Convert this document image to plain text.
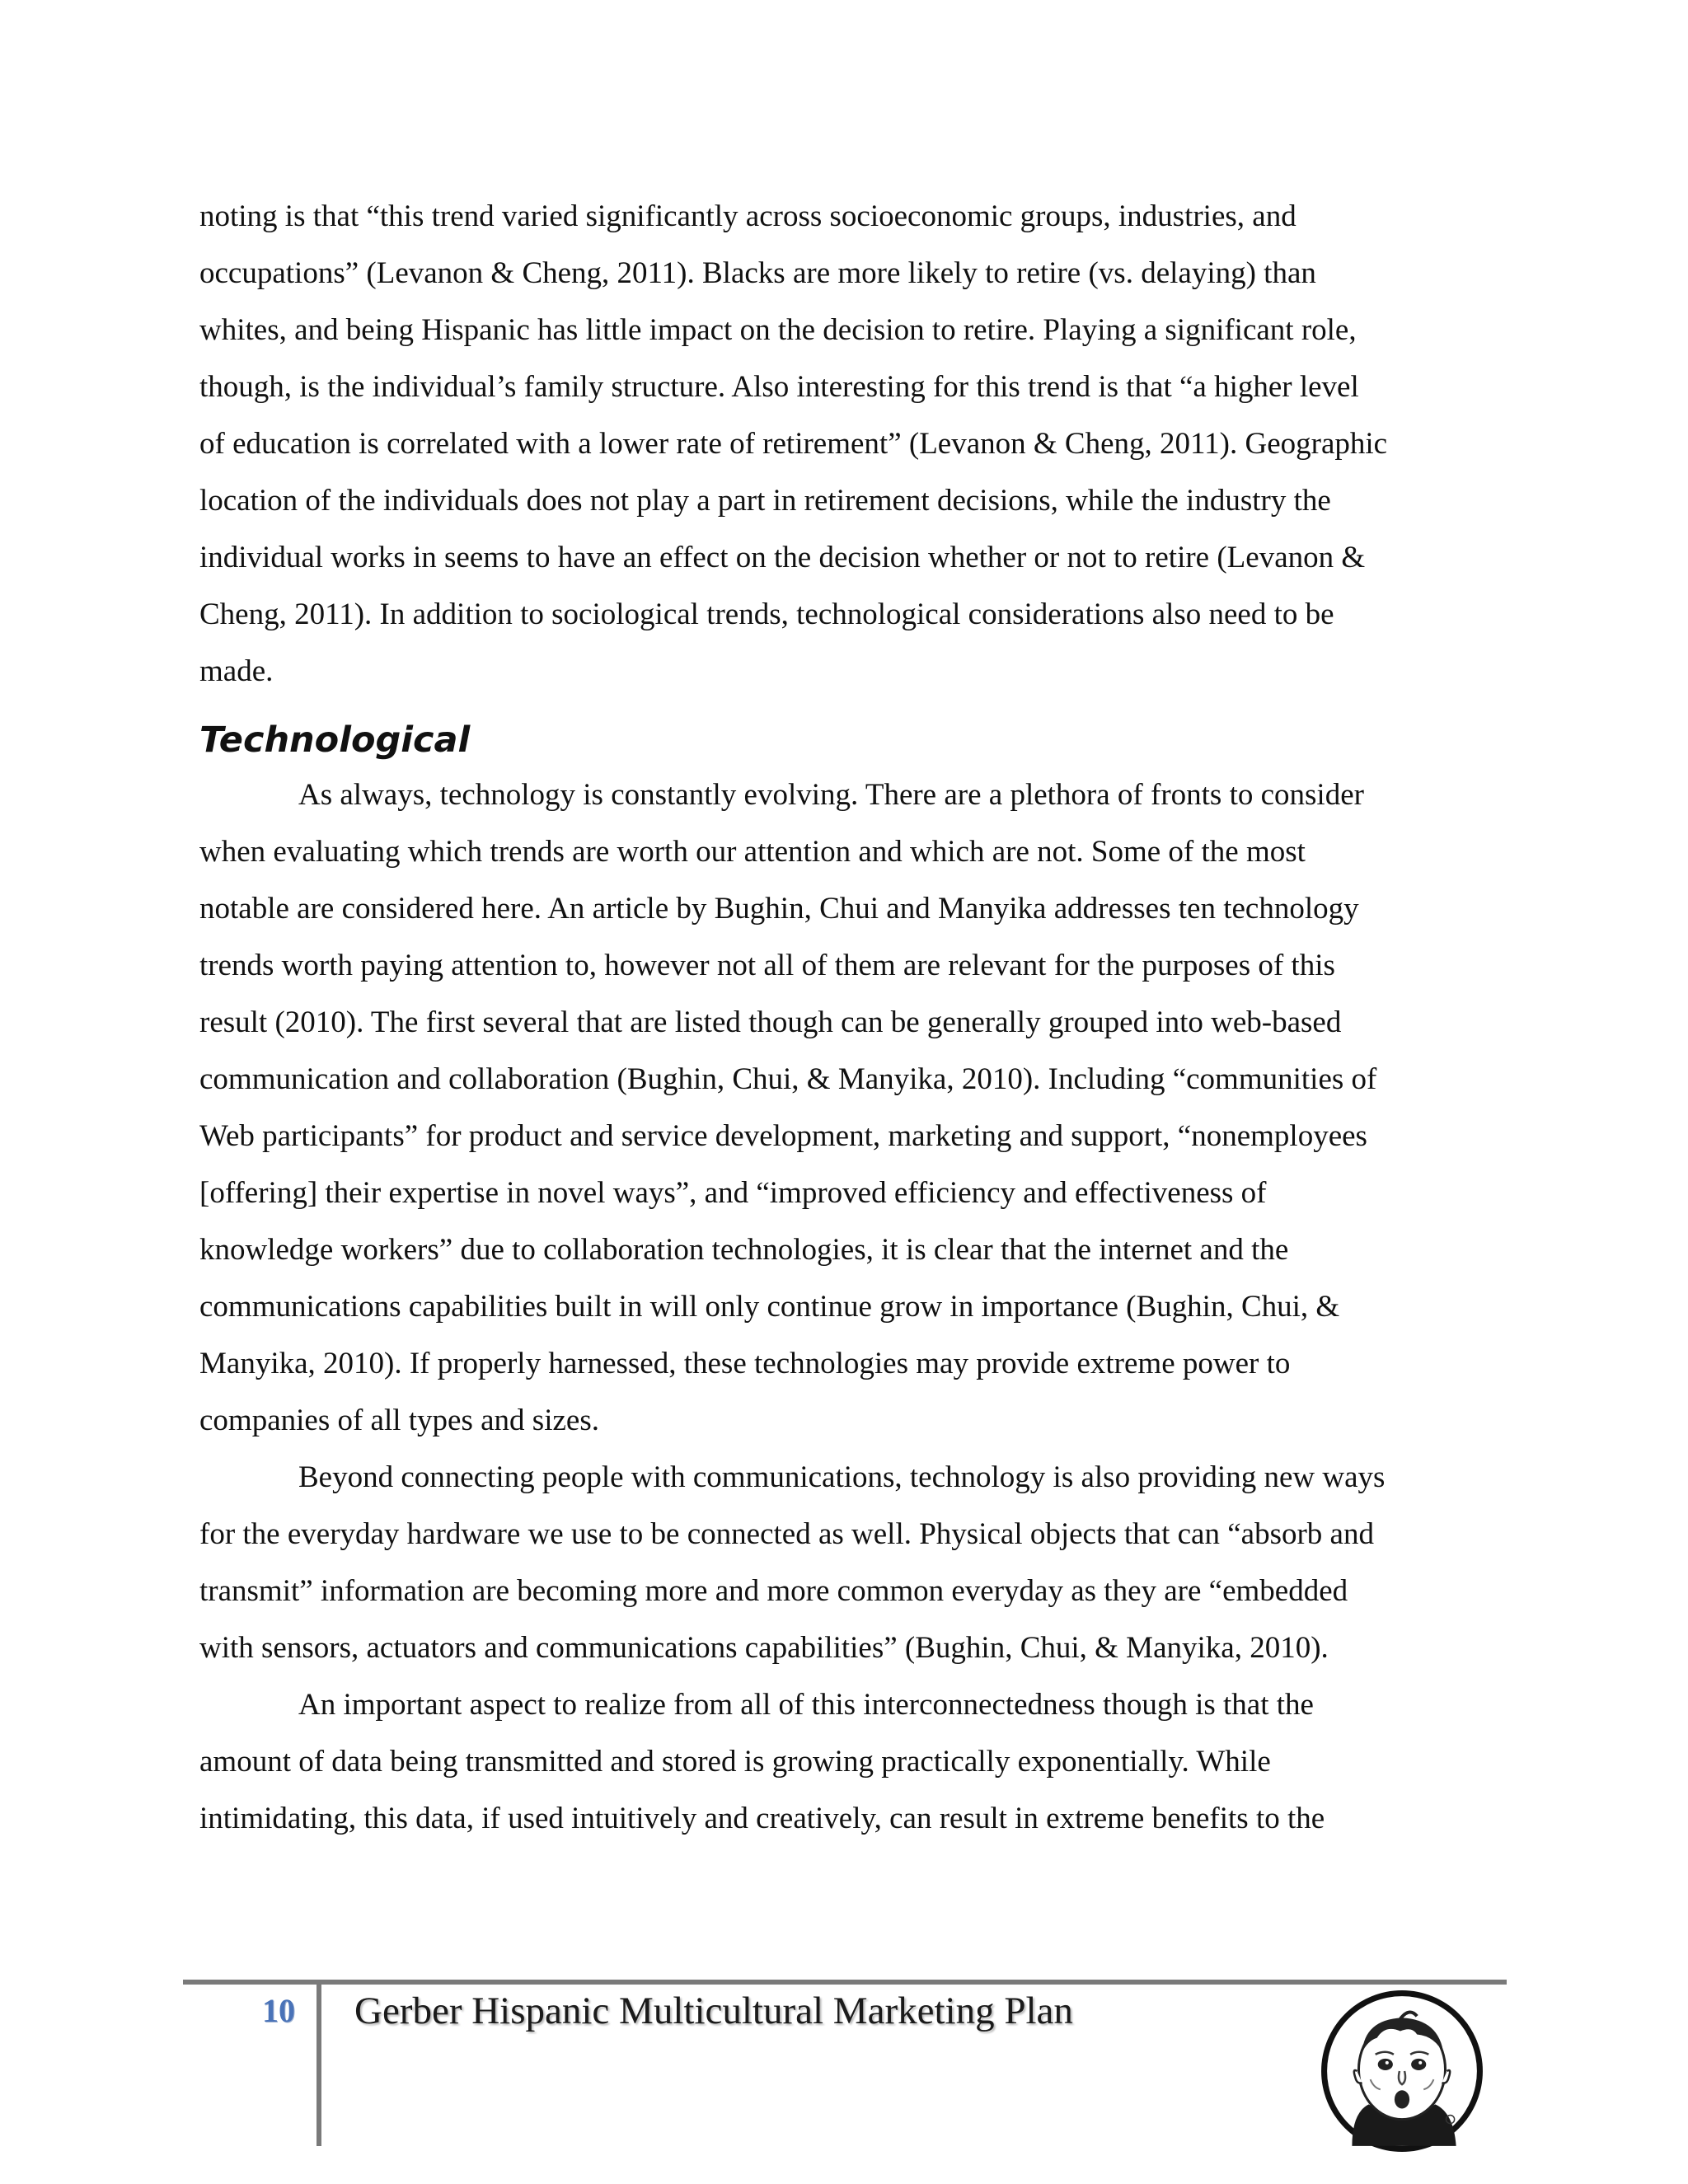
noting is that “this trend varied significantly across socioeconomic groups, industries, and
occupations” (Levanon & Cheng, 2011). Blacks are more likely to retire (vs. delaying) than
whites, and being Hispanic has little impact on the decision to retire. Playing a significant role,
though, is the individual’s family structure. Also interesting for this trend is that “a higher level
of education is correlated with a lower rate of retirement” (Levanon & Cheng, 2011). Geographic
location of the individuals does not play a part in retirement decisions, while the industry the
individual works in seems to have an effect on the decision whether or not to retire (Levanon &
Cheng, 2011). In addition to sociological trends, technological considerations also need to be
made.
Technological
As always, technology is constantly evolving. There are a plethora of fronts to consider
when evaluating which trends are worth our attention and which are not. Some of the most
notable are considered here. An article by Bughin, Chui and Manyika addresses ten technology
trends worth paying attention to, however not all of them are relevant for the purposes of this
result (2010). The first several that are listed though can be generally grouped into web-based
communication and collaboration (Bughin, Chui, & Manyika, 2010). Including “communities of
Web participants” for product and service development, marketing and support, “nonemployees
[offering] their expertise in novel ways”, and “improved efficiency and effectiveness of
knowledge workers” due to collaboration technologies, it is clear that the internet and the
communications capabilities built in will only continue grow in importance (Bughin, Chui, &
Manyika, 2010). If properly harnessed, these technologies may provide extreme power to
companies of all types and sizes.
Beyond connecting people with communications, technology is also providing new ways
for the everyday hardware we use to be connected as well. Physical objects that can “absorb and
transmit” information are becoming more and more common everyday as they are “embedded
with sensors, actuators and communications capabilities” (Bughin, Chui, & Manyika, 2010).
An important aspect to realize from all of this interconnectedness though is that the
amount of data being transmitted and stored is growing practically exponentially. While
intimidating, this data, if used intuitively and creatively, can result in extreme benefits to the
10 Gerber Hispanic Multicultural Marketing Plan
